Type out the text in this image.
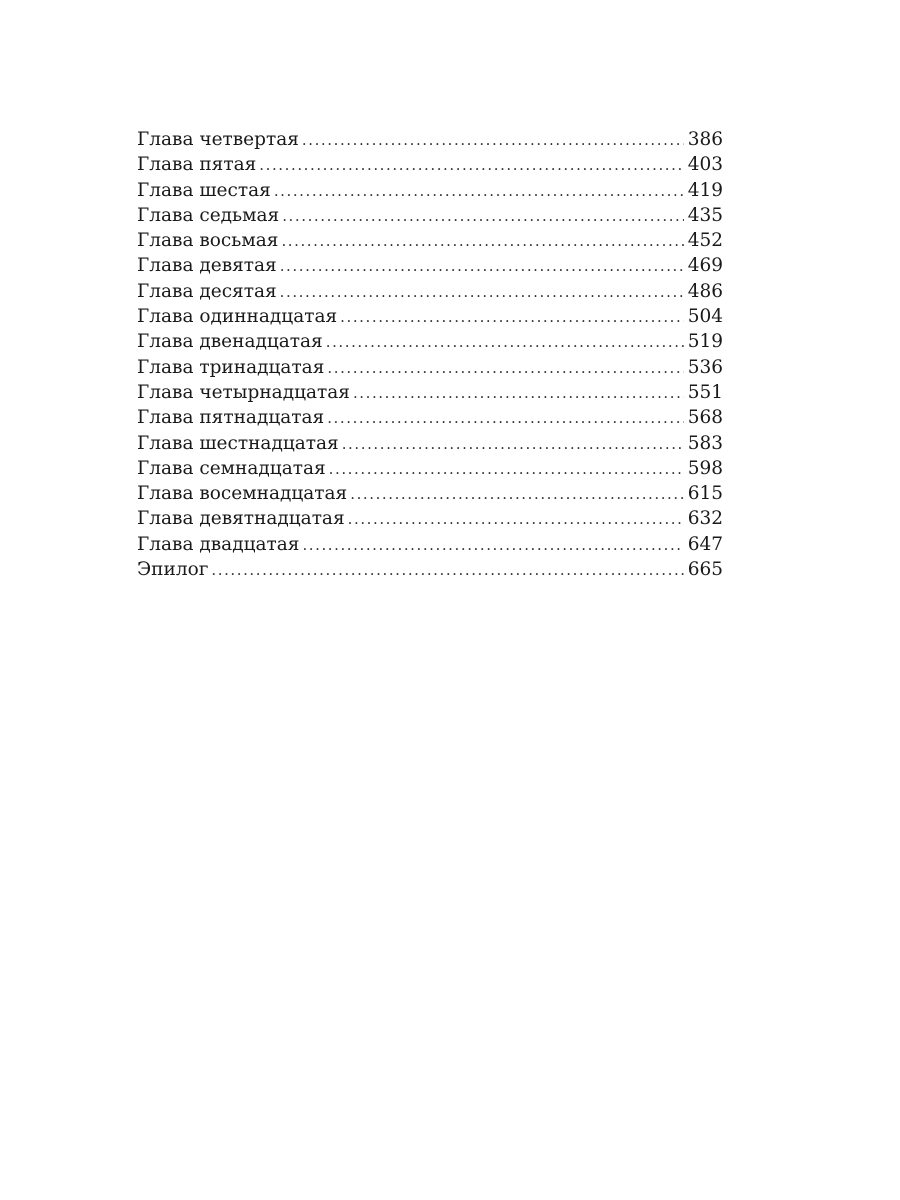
Глава четвертая . . .	386
Глава пятая . . .	403
Глава шестая . . .	419
Глава седьмая . . .	435
Глава восьмая . . .	452
Глава девятая . . .	469
Глава десятая . . .	486
Глава одиннадцатая . . .	504
Глава двенадцатая . . .	519
Глава тринадцатая . . .	536
Глава четырнадцатая . . .	551
Глава пятнадцатая . . .	568
Глава шестнадцатая . . .	583
Глава семнадцатая . . .	598
Глава восемнадцатая . . .	615
Глава девятнадцатая . . .	632
Глава двадцатая . . .	647
Эпилог . . .	665
